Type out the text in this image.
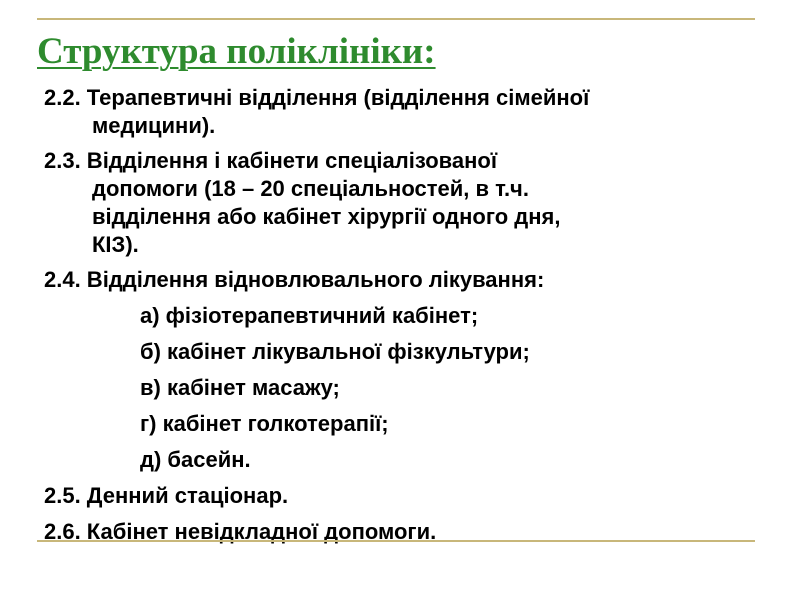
Структура поліклініки:

2.2. Терапевтичні відділення (відділення сімейної
медицини).

2.3. Відділення і кабінети спеціалізованої
допомоги (18 – 20 спеціальностей, в т.ч.
відділення або кабінет хірургії одного дня,
КІЗ).

2.4. Відділення відновлювального лікування:

а) фізіотерапевтичний кабінет;

б) кабінет лікувальної фізкультури;

в) кабінет масажу;

г) кабінет голкотерапії;

д) басейн.

2.5. Денний стаціонар.

2.6. Кабінет невідкладної допомоги.
